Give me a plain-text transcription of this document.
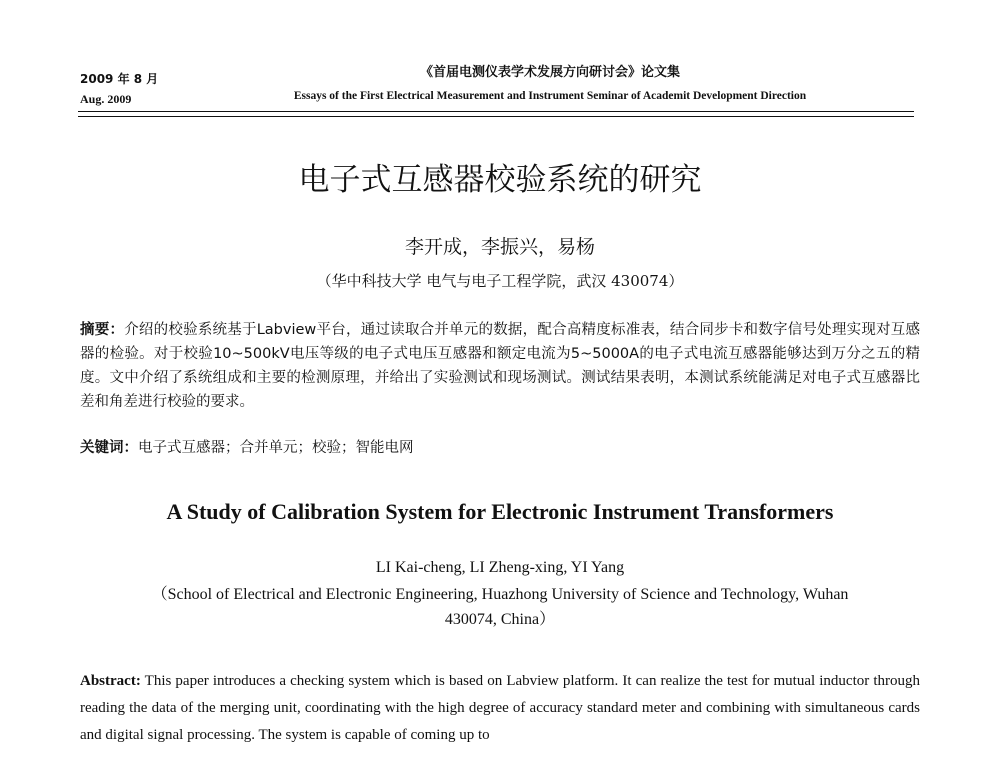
2009 年 8 月
Aug. 2009
《首届电测仪表学术发展方向研讨会》论文集
Essays of the First Electrical Measurement and Instrument Seminar of Academit Development Direction
电子式互感器校验系统的研究
李开成，李振兴，易杨
（华中科技大学 电气与电子工程学院，武汉 430074）
摘要：介绍的校验系统基于Labview平台，通过读取合并单元的数据，配合高精度标准表，结合同步卡和数字信号处理实现对互感器的检验。对于校验10~500kV电压等级的电子式电压互感器和额定电流为5~5000A的电子式电流互感器能够达到万分之五的精度。文中介绍了系统组成和主要的检测原理，并给出了实验测试和现场测试。测试结果表明，本测试系统能满足对电子式互感器比差和角差进行校验的要求。
关键词：电子式互感器；合并单元；校验；智能电网
A Study of Calibration System for Electronic Instrument Transformers
LI Kai-cheng, LI Zheng-xing, YI Yang
（School of Electrical and Electronic Engineering, Huazhong University of Science and Technology, Wuhan 430074, China）
Abstract: This paper introduces a checking system which is based on Labview platform. It can realize the test for mutual inductor through reading the data of the merging unit, coordinating with the high degree of accuracy standard meter and combining with simultaneous cards and digital signal processing. The system is capable of coming up to
